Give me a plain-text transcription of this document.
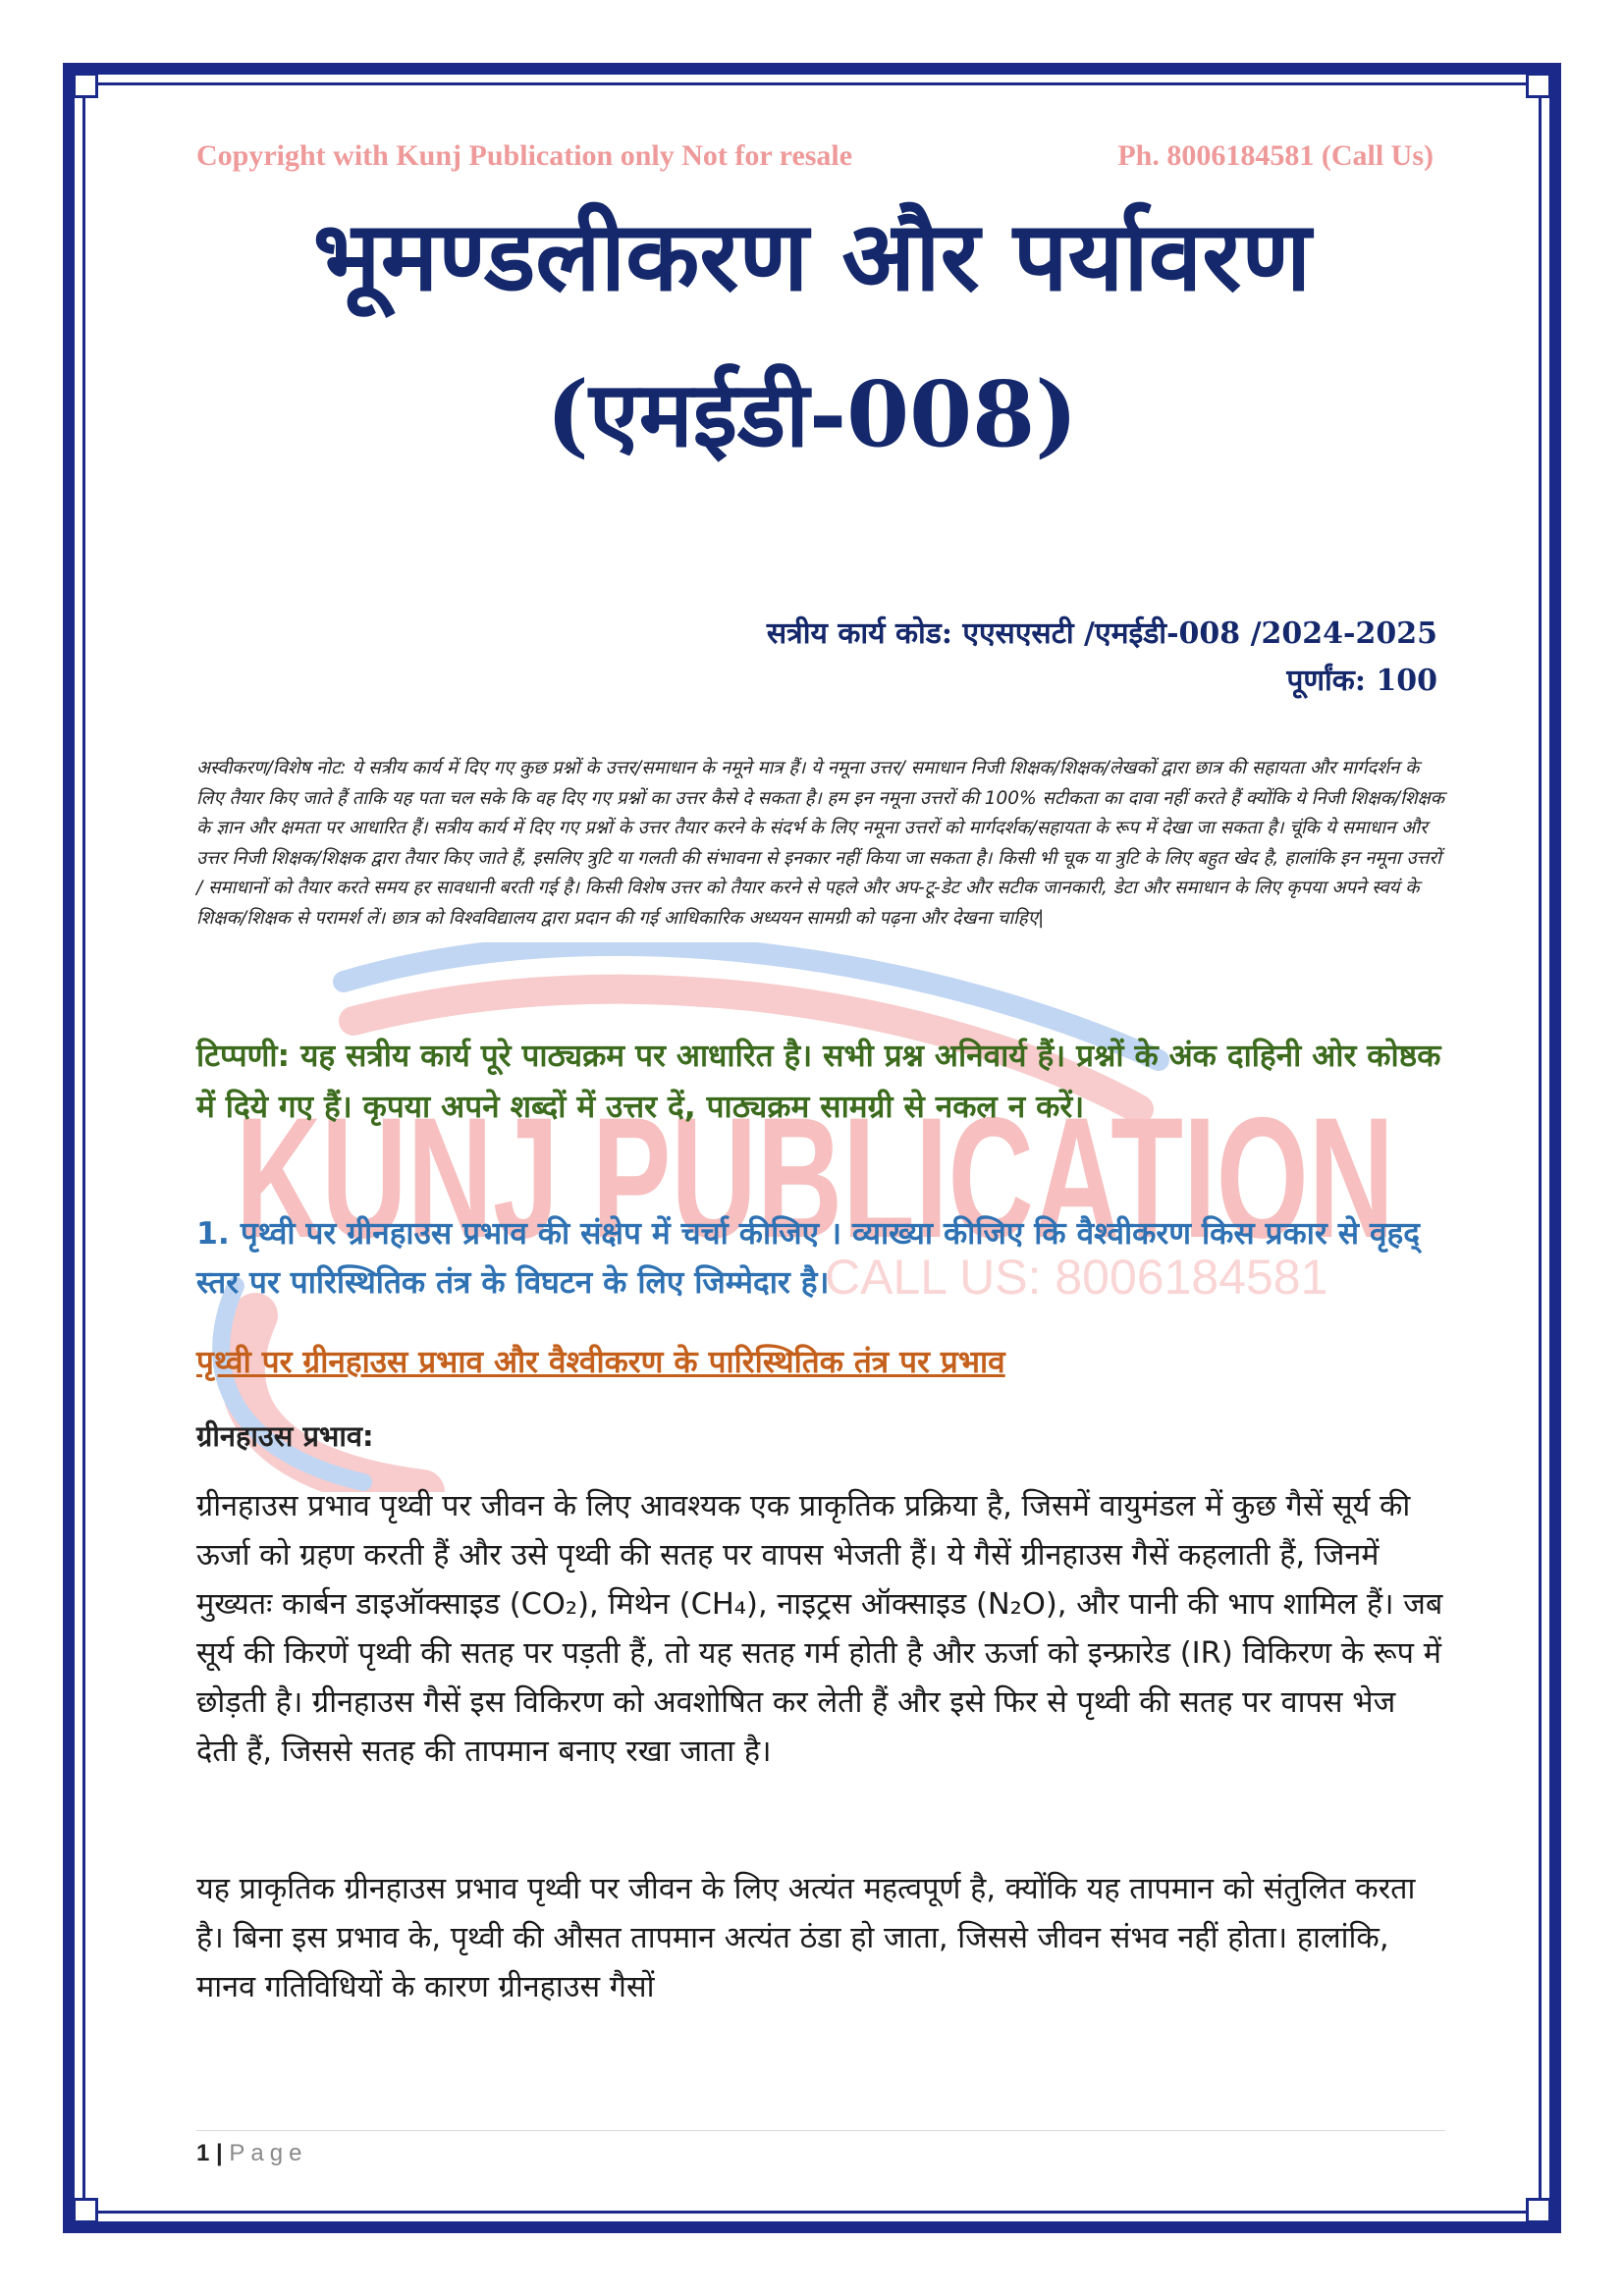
KUNJ PUBLICATION
CALL US: 8006184581
Copyright with Kunj Publication only Not for resale	Ph. 8006184581 (Call Us)
भूमण्डलीकरण और पर्यावरण
(एमईडी-008)
सत्रीय कार्य कोड: एएसएसटी /एमईडी-008 /2024-2025
पूर्णांक: 100
अस्वीकरण/विशेष नोट: ये सत्रीय कार्य में दिए गए कुछ प्रश्नों के उत्तर/समाधान के नमूने मात्र हैं। ये नमूना उत्तर/ समाधान निजी शिक्षक/शिक्षक/लेखकों द्वारा छात्र की सहायता और मार्गदर्शन के लिए तैयार किए जाते हैं ताकि यह पता चल सके कि वह दिए गए प्रश्नों का उत्तर कैसे दे सकता है। हम इन नमूना उत्तरों की 100% सटीकता का दावा नहीं करते हैं क्योंकि ये निजी शिक्षक/शिक्षक के ज्ञान और क्षमता पर आधारित हैं। सत्रीय कार्य में दिए गए प्रश्नों के उत्तर तैयार करने के संदर्भ के लिए नमूना उत्तरों को मार्गदर्शक/सहायता के रूप में देखा जा सकता है। चूंकि ये समाधान और उत्तर निजी शिक्षक/शिक्षक द्वारा तैयार किए जाते हैं, इसलिए त्रुटि या गलती की संभावना से इनकार नहीं किया जा सकता है। किसी भी चूक या त्रुटि के लिए बहुत खेद है, हालांकि इन नमूना उत्तरों / समाधानों को तैयार करते समय हर सावधानी बरती गई है। किसी विशेष उत्तर को तैयार करने से पहले और अप-टू-डेट और सटीक जानकारी, डेटा और समाधान के लिए कृपया अपने स्वयं के शिक्षक/शिक्षक से परामर्श लें। छात्र को विश्वविद्यालय द्वारा प्रदान की गई आधिकारिक अध्ययन सामग्री को पढ़ना और देखना चाहिए|
टिप्पणी: यह सत्रीय कार्य पूरे पाठ्यक्रम पर आधारित है। सभी प्रश्न अनिवार्य हैं। प्रश्नों के अंक दाहिनी ओर कोष्ठक में दिये गए हैं। कृपया अपने शब्दों में उत्तर दें, पाठ्यक्रम सामग्री से नकल न करें।
1. पृथ्वी पर ग्रीनहाउस प्रभाव की संक्षेप में चर्चा कीजिए । व्याख्या कीजिए कि वैश्वीकरण किस प्रकार से वृहद् स्तर पर पारिस्थितिक तंत्र के विघटन के लिए जिम्मेदार है।
पृथ्वी पर ग्रीनहाउस प्रभाव और वैश्वीकरण के पारिस्थितिक तंत्र पर प्रभाव
ग्रीनहाउस प्रभाव:
ग्रीनहाउस प्रभाव पृथ्वी पर जीवन के लिए आवश्यक एक प्राकृतिक प्रक्रिया है, जिसमें वायुमंडल में कुछ गैसें सूर्य की ऊर्जा को ग्रहण करती हैं और उसे पृथ्वी की सतह पर वापस भेजती हैं। ये गैसें ग्रीनहाउस गैसें कहलाती हैं, जिनमें मुख्यतः कार्बन डाइऑक्साइड (CO₂), मिथेन (CH₄), नाइट्रस ऑक्साइड (N₂O), और पानी की भाप शामिल हैं। जब सूर्य की किरणें पृथ्वी की सतह पर पड़ती हैं, तो यह सतह गर्म होती है और ऊर्जा को इन्फ्रारेड (IR) विकिरण के रूप में छोड़ती है। ग्रीनहाउस गैसें इस विकिरण को अवशोषित कर लेती हैं और इसे फिर से पृथ्वी की सतह पर वापस भेज देती हैं, जिससे सतह की तापमान बनाए रखा जाता है।
यह प्राकृतिक ग्रीनहाउस प्रभाव पृथ्वी पर जीवन के लिए अत्यंत महत्वपूर्ण है, क्योंकि यह तापमान को संतुलित करता है। बिना इस प्रभाव के, पृथ्वी की औसत तापमान अत्यंत ठंडा हो जाता, जिससे जीवन संभव नहीं होता। हालांकि, मानव गतिविधियों के कारण ग्रीनहाउस गैसों
1 | Page
